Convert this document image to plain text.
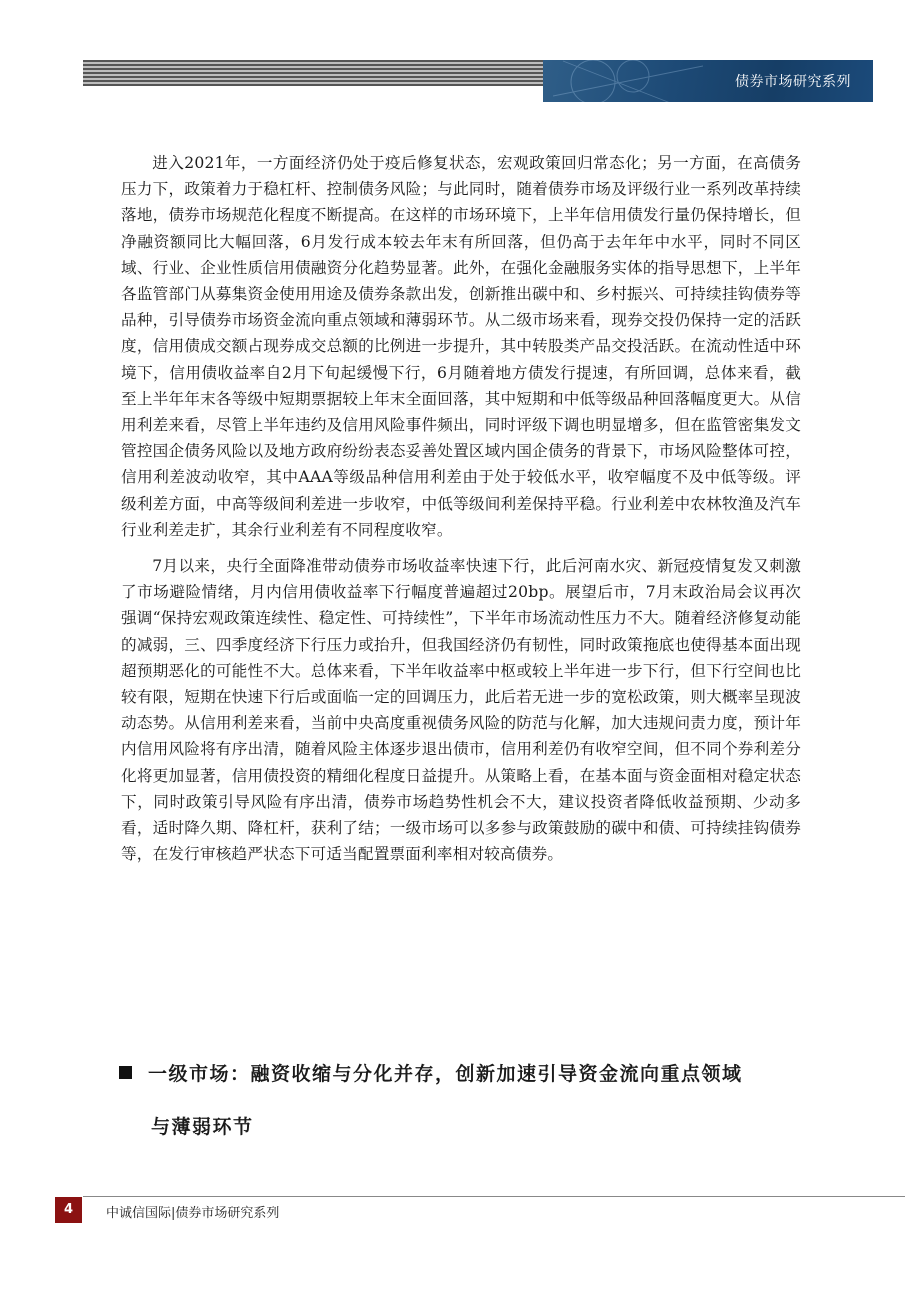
债券市场研究系列

进入2021年，一方面经济仍处于疫后修复状态，宏观政策回归常态化；另一方面，在高债务压力下，政策着力于稳杠杆、控制债务风险；与此同时，随着债券市场及评级行业一系列改革持续落地，债券市场规范化程度不断提高。在这样的市场环境下，上半年信用债发行量仍保持增长，但净融资额同比大幅回落，6月发行成本较去年末有所回落，但仍高于去年年中水平，同时不同区域、行业、企业性质信用债融资分化趋势显著。此外，在强化金融服务实体的指导思想下，上半年各监管部门从募集资金使用用途及债券条款出发，创新推出碳中和、乡村振兴、可持续挂钩债券等品种，引导债券市场资金流向重点领域和薄弱环节。从二级市场来看，现券交投仍保持一定的活跃度，信用债成交额占现券成交总额的比例进一步提升，其中转股类产品交投活跃。在流动性适中环境下，信用债收益率自2月下旬起缓慢下行，6月随着地方债发行提速，有所回调，总体来看，截至上半年年末各等级中短期票据较上年末全面回落，其中短期和中低等级品种回落幅度更大。从信用利差来看，尽管上半年违约及信用风险事件频出，同时评级下调也明显增多，但在监管密集发文管控国企债务风险以及地方政府纷纷表态妥善处置区域内国企债务的背景下，市场风险整体可控，信用利差波动收窄，其中AAA等级品种信用利差由于处于较低水平，收窄幅度不及中低等级。评级利差方面，中高等级间利差进一步收窄，中低等级间利差保持平稳。行业利差中农林牧渔及汽车行业利差走扩，其余行业利差有不同程度收窄。

7月以来，央行全面降准带动债券市场收益率快速下行，此后河南水灾、新冠疫情复发又刺激了市场避险情绪，月内信用债收益率下行幅度普遍超过20bp。展望后市，7月末政治局会议再次强调“保持宏观政策连续性、稳定性、可持续性”，下半年市场流动性压力不大。随着经济修复动能的减弱，三、四季度经济下行压力或抬升，但我国经济仍有韧性，同时政策拖底也使得基本面出现超预期恶化的可能性不大。总体来看，下半年收益率中枢或较上半年进一步下行，但下行空间也比较有限，短期在快速下行后或面临一定的回调压力，此后若无进一步的宽松政策，则大概率呈现波动态势。从信用利差来看，当前中央高度重视债务风险的防范与化解，加大违规问责力度，预计年内信用风险将有序出清，随着风险主体逐步退出债市，信用利差仍有收窄空间，但不同个券利差分化将更加显著，信用债投资的精细化程度日益提升。从策略上看，在基本面与资金面相对稳定状态下，同时政策引导风险有序出清，债券市场趋势性机会不大，建议投资者降低收益预期、少动多看，适时降久期、降杠杆，获利了结；一级市场可以多参与政策鼓励的碳中和债、可持续挂钩债券等，在发行审核趋严状态下可适当配置票面利率相对较高债券。

一级市场：融资收缩与分化并存，创新加速引导资金流向重点领域
与薄弱环节
4	中诚信国际|债券市场研究系列
